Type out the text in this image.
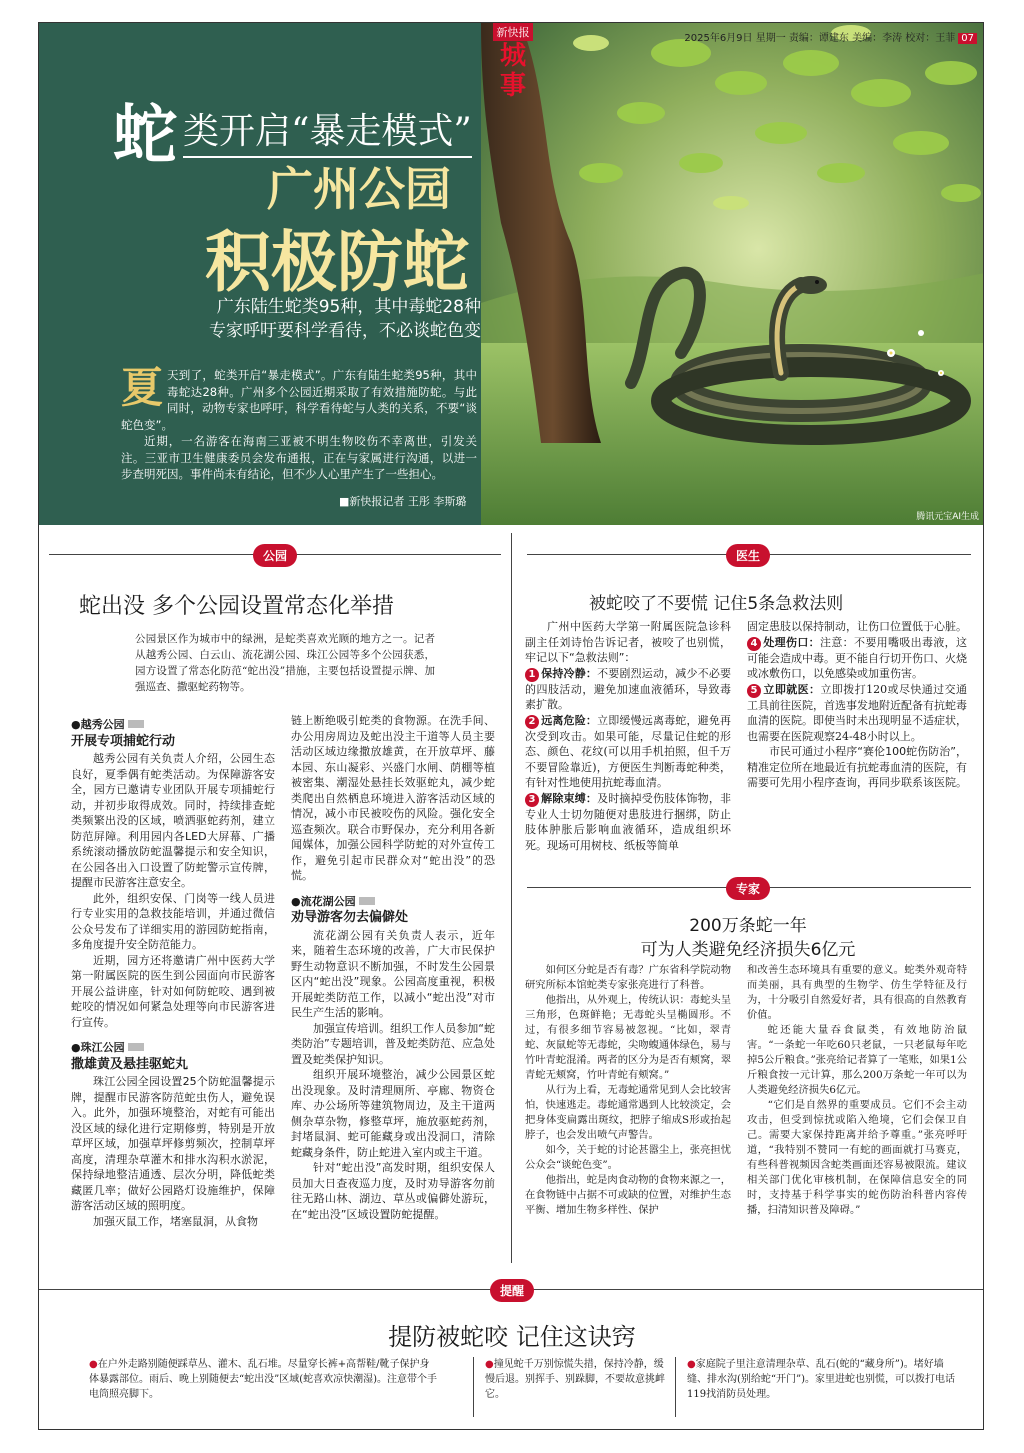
新快报
城事
2025年6月9日 星期一 责编：谭建东 美编：李涛 校对：王菲 07
蛇 类开启“暴走模式”
广州公园
积极防蛇
广东陆生蛇类95种，其中毒蛇28种
专家呼吁要科学看待，不必谈蛇色变
夏 天到了，蛇类开启“暴走模式”。广东有陆生蛇类95种，其中毒蛇达28种。广州多个公园近期采取了有效措施防蛇。与此同时，动物专家也呼吁，科学看待蛇与人类的关系，不要“谈蛇色变”。

近期，一名游客在海南三亚被不明生物咬伤不幸离世，引发关注。三亚市卫生健康委员会发布通报，正在与家属进行沟通，以进一步查明死因。事件尚未有结论，但不少人心里产生了一些担心。

■新快报记者 王彤 李斯璐
腾讯元宝AI生成
公园
蛇出没 多个公园设置常态化举措
公园景区作为城市中的绿洲，是蛇类喜欢光顾的地方之一。记者从越秀公园、白云山、流花湖公园、珠江公园等多个公园获悉，园方设置了常态化防范“蛇出没”措施，主要包括设置提示牌、加强巡查、撒驱蛇药物等。
●越秀公园
开展专项捕蛇行动

越秀公园有关负责人介绍，公园生态良好，夏季偶有蛇类活动。为保障游客安全，园方已邀请专业团队开展专项捕蛇行动，并初步取得成效。同时，持续排查蛇类频繁出没的区域，喷洒驱蛇药剂，建立防范屏障。利用园内各LED大屏幕、广播系统滚动播放防蛇温馨提示和安全知识，在公园各出入口设置了防蛇警示宣传牌，提醒市民游客注意安全。

此外，组织安保、门岗等一线人员进行专业实用的急救技能培训，并通过微信公众号发布了详细实用的游园防蛇指南，多角度提升安全防范能力。

近期，园方还将邀请广州中医药大学第一附属医院的医生到公园面向市民游客开展公益讲座，针对如何防蛇咬、遇到被蛇咬的情况如何紧急处理等向市民游客进行宣传。

●珠江公园
撒雄黄及悬挂驱蛇丸

珠江公园全园设置25个防蛇温馨提示牌，提醒市民游客防范蛇虫伤人，避免误入。此外，加强环境整治，对蛇有可能出没区域的绿化进行定期修剪，特别是开放草坪区域，加强草坪修剪频次，控制草坪高度，清理杂草灌木和排水沟积水淤泥，保持绿地整洁通透、层次分明，降低蛇类藏匿几率；做好公园路灯设施维护，保障游客活动区域的照明度。

加强灭鼠工作，堵塞鼠洞，从食物

链上断绝吸引蛇类的食物源。在洗手间、办公用房周边及蛇出没主干道等人员主要活动区域边缘撒放雄黄，在开放草坪、藤本园、东山凝彩、兴盛门水闸、荫棚等植被密集、潮湿处悬挂长效驱蛇丸，减少蛇类爬出自然栖息环境进入游客活动区域的情况，减小市民被咬伤的风险。强化安全巡查频次。联合市野保办，充分利用各新闻媒体，加强公园科学防蛇的对外宣传工作，避免引起市民群众对“蛇出没”的恐慌。

●流花湖公园
劝导游客勿去偏僻处

流花湖公园有关负责人表示，近年来，随着生态环境的改善，广大市民保护野生动物意识不断加强，不时发生公园景区内“蛇出没”现象。公园高度重视，积极开展蛇类防范工作，以减小“蛇出没”对市民生产生活的影响。

加强宣传培训。组织工作人员参加“蛇类防治”专题培训，普及蛇类防范、应急处置及蛇类保护知识。

组织开展环境整治，减少公园景区蛇出没现象。及时清理厕所、亭廊、物资仓库、办公场所等建筑物周边，及主干道两侧杂草杂物，修整草坪，施放驱蛇药剂，封堵鼠洞、蛇可能藏身或出没洞口，清除蛇藏身条件，防止蛇进入室内或主干道。

针对“蛇出没”高发时期，组织安保人员加大日查夜巡力度，及时劝导游客勿前往无路山林、湖边、草丛或偏僻处游玩，在“蛇出没”区域设置防蛇提醒。

医生
被蛇咬了不要慌 记住5条急救法则

广州中医药大学第一附属医院急诊科副主任刘诗怡告诉记者，被咬了也别慌，牢记以下“急救法则”：

1 保持冷静：不要剧烈运动，减少不必要的四肢活动，避免加速血液循环，导致毒素扩散。

2 远离危险：立即缓慢远离毒蛇，避免再次受到攻击。如果可能，尽量记住蛇的形态、颜色、花纹(可以用手机拍照，但千万不要冒险靠近)，方便医生判断毒蛇种类，有针对性地使用抗蛇毒血清。

3 解除束缚：及时摘掉受伤肢体饰物，非专业人士切勿随便对患肢进行捆绑，防止肢体肿胀后影响血液循环，造成组织坏死。现场可用树枝、纸板等简单

固定患肢以保持制动，让伤口位置低于心脏。

4 处理伤口：注意：不要用嘴吸出毒液，这可能会造成中毒。更不能自行切开伤口、火烧或冰敷伤口，以免感染或加重伤害。

5 立即就医：立即拨打120或尽快通过交通工具前往医院，首选事发地附近配备有抗蛇毒血清的医院。即使当时未出现明显不适症状，也需要在医院观察24-48小时以上。

市民可通过小程序“赛伦100蛇伤防治”，精准定位所在地最近有抗蛇毒血清的医院，有需要可先用小程序查询，再同步联系该医院。

专家
200万条蛇一年
可为人类避免经济损失6亿元

如何区分蛇是否有毒？广东省科学院动物研究所标本馆蛇类专家张亮进行了科普。

他指出，从外观上，传统认识：毒蛇头呈三角形，色斑鲜艳；无毒蛇头呈椭圆形。不过，有很多细节容易被忽视。“比如，翠青蛇、灰鼠蛇等无毒蛇，尖吻蝮通体绿色，易与竹叶青蛇混淆。两者的区分为是否有颊窝，翠青蛇无颊窝，竹叶青蛇有颊窝。”

从行为上看，无毒蛇通常见到人会比较害怕，快速逃走。毒蛇通常遇到人比较淡定，会把身体变扁露出斑纹，把脖子缩成S形或抬起脖子，也会发出喷气声警告。

如今，关于蛇的讨论甚嚣尘上，张亮担忧公众会“谈蛇色变”。

他指出，蛇是肉食动物的食物来源之一，在食物链中占据不可或缺的位置，对维护生态平衡、增加生物多样性、保护

和改善生态环境具有重要的意义。蛇类外观奇特而美丽，具有典型的生物学、仿生学特征及行为，十分吸引自然爱好者，具有很高的自然教育价值。

蛇还能大量吞食鼠类，有效地防治鼠害。“一条蛇一年吃60只老鼠，一只老鼠每年吃掉5公斤粮食。”张亮给记者算了一笔账，如果1公斤粮食按一元计算，那么200万条蛇一年可以为人类避免经济损失6亿元。

“它们是自然界的重要成员。它们不会主动攻击，但受到惊扰或陷入绝境，它们会保卫自己。需要大家保持距离并给予尊重。”张亮呼吁道，“我特别不赞同一有蛇的画面就打马赛克，有些科普视频因含蛇类画面还容易被限流。建议相关部门优化审核机制，在保障信息安全的同时，支持基于科学事实的蛇伤防治科普内容传播，扫清知识普及障碍。”

提醒
提防被蛇咬 记住这诀窍
●在户外走路别随便踩草丛、灌木、乱石堆。尽量穿长裤+高帮鞋/靴子保护身体暴露部位。雨后、晚上别随便去“蛇出没”区域(蛇喜欢凉快潮湿)。注意带个手电筒照亮脚下。
●撞见蛇千万别惊慌失措，保持冷静，缓慢后退。别挥手、别跺脚，不要故意挑衅它。
●家庭院子里注意清理杂草、乱石(蛇的“藏身所”)。堵好墙缝、排水沟(别给蛇“开门”)。家里进蛇也别慌，可以拨打电话119找消防员处理。
